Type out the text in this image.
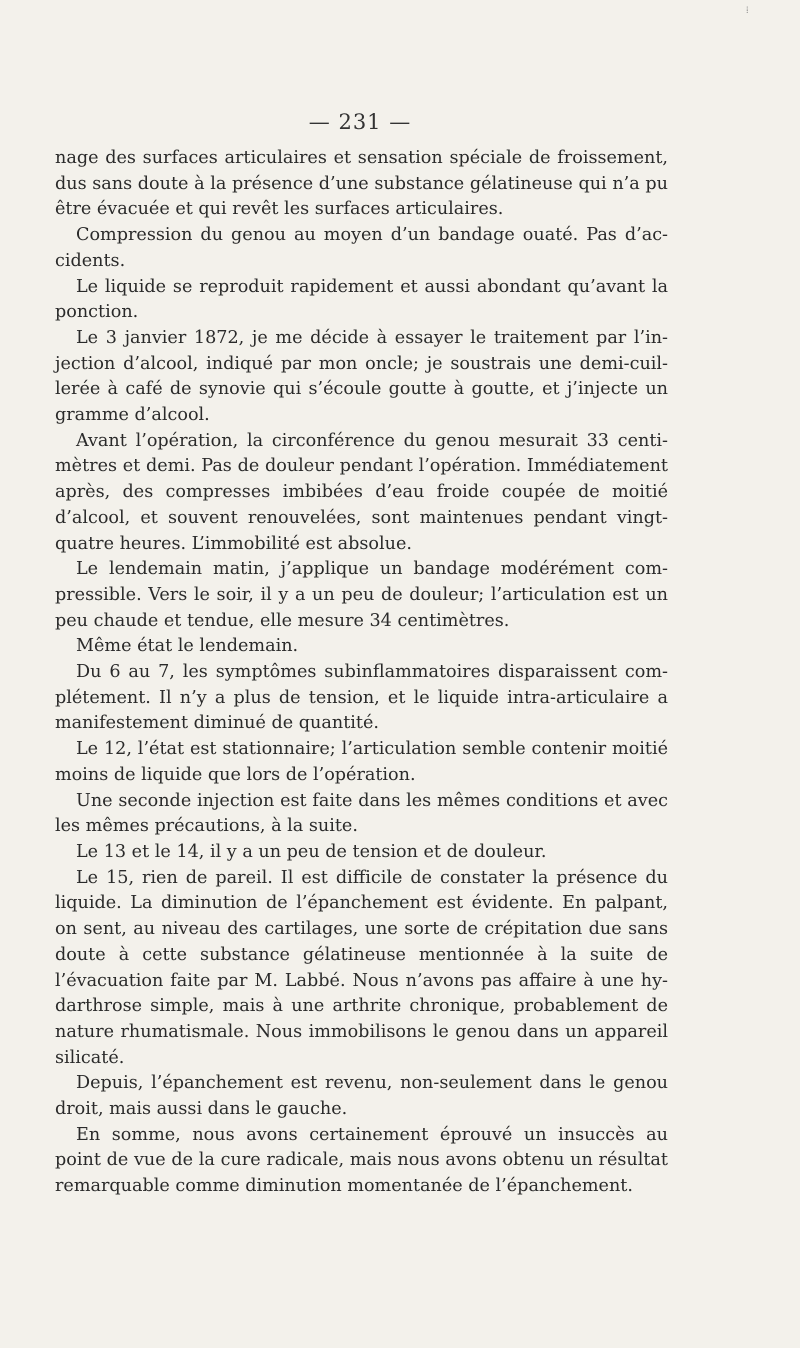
⁞
— 231 —

nage des surfaces articulaires et sensation spéciale de froissement, dus sans doute à la présence d’une substance gélatineuse qui n’a pu être évacuée et qui revêt les surfaces articulaires.

Compression du genou au moyen d’un bandage ouaté. Pas d’accidents.

Le liquide se reproduit rapidement et aussi abondant qu’avant la ponction.

Le 3 janvier 1872, je me décide à essayer le traitement par l’injection d’alcool, indiqué par mon oncle; je soustrais une demi-cuillerée à café de synovie qui s’écoule goutte à goutte, et j’injecte un gramme d’alcool.

Avant l’opération, la circonférence du genou mesurait 33 centimètres et demi. Pas de douleur pendant l’opération. Immédiatement après, des compresses imbibées d’eau froide coupée de moitié d’alcool, et souvent renouvelées, sont maintenues pendant vingt-quatre heures. L’immobilité est absolue.

Le lendemain matin, j’applique un bandage modérément compressible. Vers le soir, il y a un peu de douleur; l’articulation est un peu chaude et tendue, elle mesure 34 centimètres.

Même état le lendemain.

Du 6 au 7, les symptômes subinflammatoires disparaissent complétement. Il n’y a plus de tension, et le liquide intra-articulaire a manifestement diminué de quantité.

Le 12, l’état est stationnaire; l’articulation semble contenir moitié moins de liquide que lors de l’opération.

Une seconde injection est faite dans les mêmes conditions et avec les mêmes précautions, à la suite.

Le 13 et le 14, il y a un peu de tension et de douleur.

Le 15, rien de pareil. Il est difficile de constater la présence du liquide. La diminution de l’épanchement est évidente. En palpant, on sent, au niveau des cartilages, une sorte de crépitation due sans doute à cette substance gélatineuse mentionnée à la suite de l’évacuation faite par M. Labbé. Nous n’avons pas affaire à une hydarthrose simple, mais à une arthrite chronique, probablement de nature rhumatismale. Nous immobilisons le genou dans un appareil silicaté.

Depuis, l’épanchement est revenu, non-seulement dans le genou droit, mais aussi dans le gauche.

En somme, nous avons certainement éprouvé un insuccès au point de vue de la cure radicale, mais nous avons obtenu un résultat remarquable comme diminution momentanée de l’épanchement.
